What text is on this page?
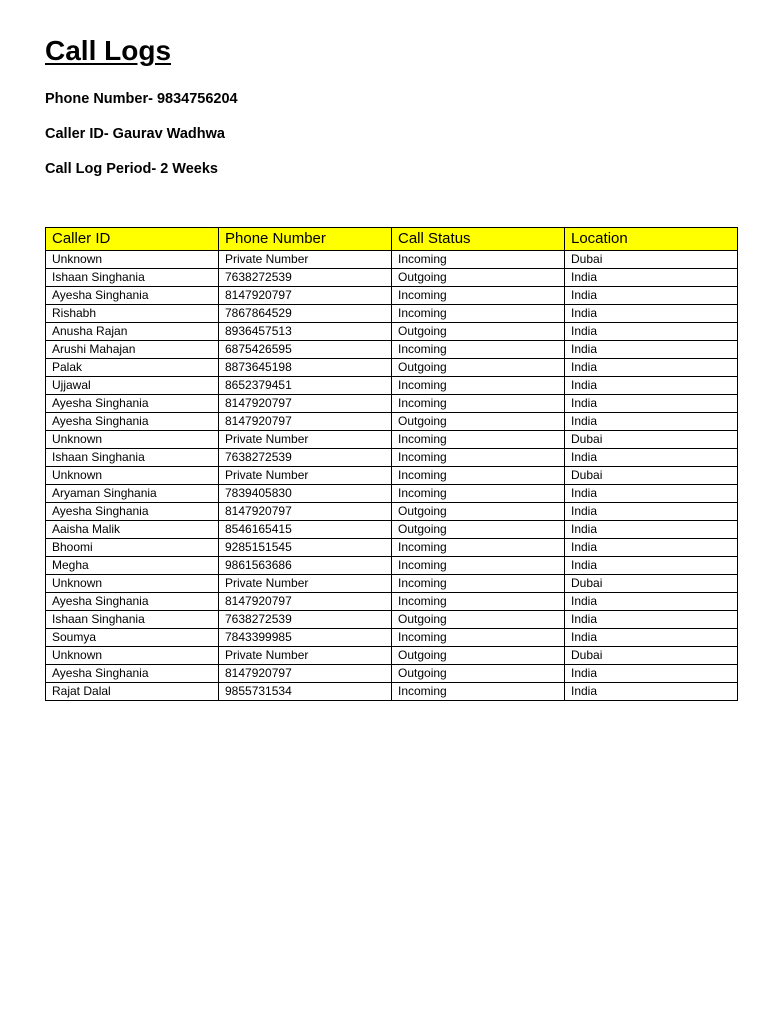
Call Logs

Phone Number- 9834756204

Caller ID- Gaurav Wadhwa

Call Log Period- 2 Weeks

Caller ID	Phone Number	Call Status	Location
Unknown	Private Number	Incoming	Dubai
Ishaan Singhania	7638272539	Outgoing	India
Ayesha Singhania	8147920797	Incoming	India
Rishabh	7867864529	Incoming	India
Anusha Rajan	8936457513	Outgoing	India
Arushi Mahajan	6875426595	Incoming	India
Palak	8873645198	Outgoing	India
Ujjawal	8652379451	Incoming	India
Ayesha Singhania	8147920797	Incoming	India
Ayesha Singhania	8147920797	Outgoing	India
Unknown	Private Number	Incoming	Dubai
Ishaan Singhania	7638272539	Incoming	India
Unknown	Private Number	Incoming	Dubai
Aryaman Singhania	7839405830	Incoming	India
Ayesha Singhania	8147920797	Outgoing	India
Aaisha Malik	8546165415	Outgoing	India
Bhoomi	9285151545	Incoming	India
Megha	9861563686	Incoming	India
Unknown	Private Number	Incoming	Dubai
Ayesha Singhania	8147920797	Incoming	India
Ishaan Singhania	7638272539	Outgoing	India
Soumya	7843399985	Incoming	India
Unknown	Private Number	Outgoing	Dubai
Ayesha Singhania	8147920797	Outgoing	India
Rajat Dalal	9855731534	Incoming	India
